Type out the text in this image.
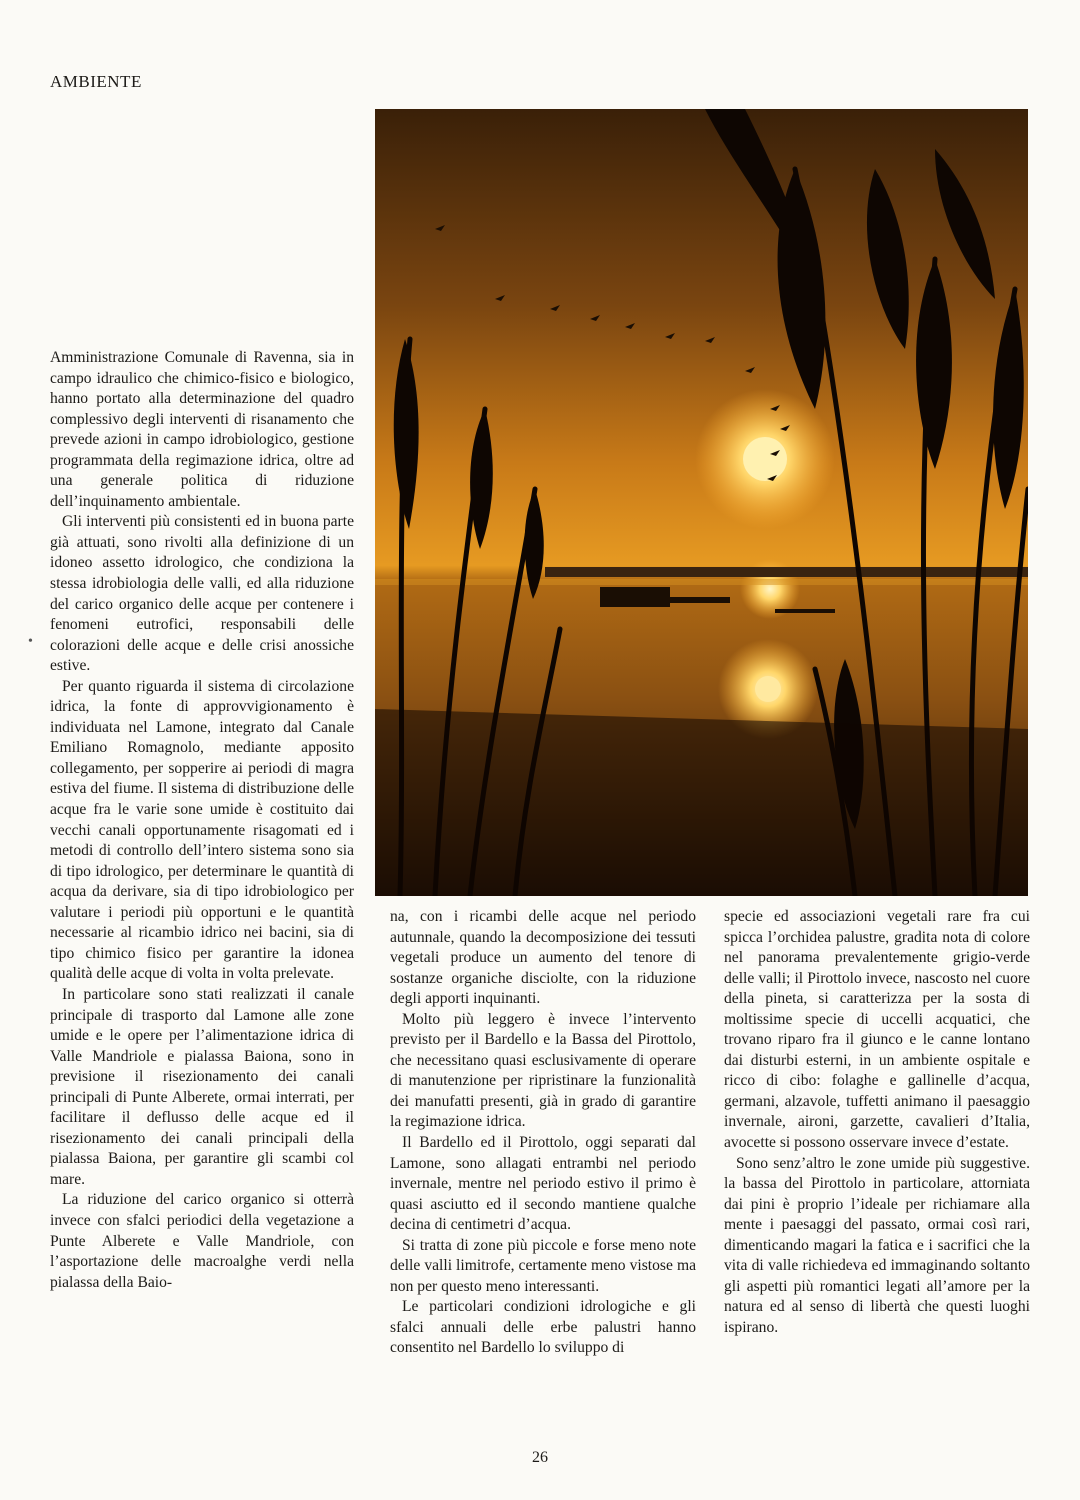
AMBIENTE
•

Amministrazione Comunale di Ravenna, sia in campo idraulico che chimico-fisico e biologico, hanno portato alla determinazione del quadro complessivo degli interventi di risanamento che prevede azioni in campo idrobiologico, gestione programmata della regimazione idrica, oltre ad una generale politica di riduzione dell’inquinamento ambientale.

Gli interventi più consistenti ed in buona parte già attuati, sono rivolti alla definizione di un idoneo assetto idrologico, che condiziona la stessa idrobiologia delle valli, ed alla riduzione del carico organico delle acque per contenere i fenomeni eutrofici, responsabili delle colorazioni delle acque e delle crisi anossiche estive.

Per quanto riguarda il sistema di circolazione idrica, la fonte di approvvigionamento è individuata nel Lamone, integrato dal Canale Emiliano Romagnolo, mediante apposito collegamento, per sopperire ai periodi di magra estiva del fiume. Il sistema di distribuzione delle acque fra le varie sone umide è costituito dai vecchi canali opportunamente risagomati ed i metodi di controllo dell’intero sistema sono sia di tipo idrologico, per determinare le quantità di acqua da derivare, sia di tipo idrobiologico per valutare i periodi più opportuni e le quantità necessarie al ricambio idrico nei bacini, sia di tipo chimico fisico per garantire la idonea qualità delle acque di volta in volta prelevate.

In particolare sono stati realizzati il canale principale di trasporto dal Lamone alle zone umide e le opere per l’alimentazione idrica di Valle Mandriole e pialassa Baiona, sono in previsione il risezionamento dei canali principali di Punte Alberete, ormai interrati, per facilitare il deflusso delle acque ed il risezionamento dei canali principali della pialassa Baiona, per garantire gli scambi col mare.

La riduzione del carico organico si otterrà invece con sfalci periodici della vegetazione a Punte Alberete e Valle Mandriole, con l’asportazione delle macroalghe verdi nella pialassa della Baio-

na, con i ricambi delle acque nel periodo autunnale, quando la decomposizione dei tessuti vegetali produce un aumento del tenore di sostanze organiche disciolte, con la riduzione degli apporti inquinanti.

Molto più leggero è invece l’intervento previsto per il Bardello e la Bassa del Pirottolo, che necessitano quasi esclusivamente di operare di manutenzione per ripristinare la funzionalità dei manufatti presenti, già in grado di garantire la regimazione idrica.

Il Bardello ed il Pirottolo, oggi separati dal Lamone, sono allagati entrambi nel periodo invernale, mentre nel periodo estivo il primo è quasi asciutto ed il secondo mantiene qualche decina di centimetri d’acqua.

Si tratta di zone più piccole e forse meno note delle valli limitrofe, certamente meno vistose ma non per questo meno interessanti.

Le particolari condizioni idrologiche e gli sfalci annuali delle erbe palustri hanno consentito nel Bardello lo sviluppo di

specie ed associazioni vegetali rare fra cui spicca l’orchidea palustre, gradita nota di colore nel panorama prevalentemente grigio-verde delle valli; il Pirottolo invece, nascosto nel cuore della pineta, si caratterizza per la sosta di moltissime specie di uccelli acquatici, che trovano riparo fra il giunco e le canne lontano dai disturbi esterni, in un ambiente ospitale e ricco di cibo: folaghe e gallinelle d’acqua, germani, alzavole, tuffetti animano il paesaggio invernale, aironi, garzette, cavalieri d’Italia, avocette si possono osservare invece d’estate.

Sono senz’altro le zone umide più suggestive. la bassa del Pirottolo in particolare, attorniata dai pini è proprio l’ideale per richiamare alla mente i paesaggi del passato, ormai così rari, dimenticando magari la fatica e i sacrifici che la vita di valle richiedeva ed immaginando soltanto gli aspetti più romantici legati all’amore per la natura ed al senso di libertà che questi luoghi ispirano.

26
